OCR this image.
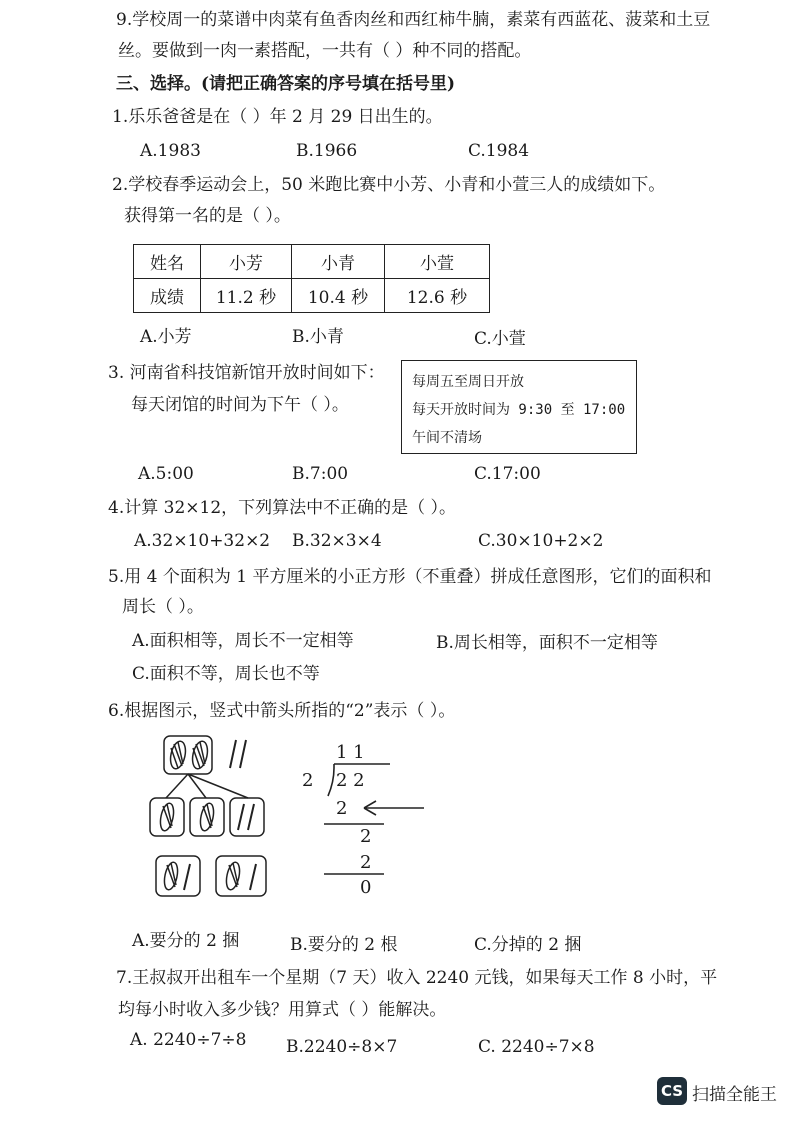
9.学校周一的菜谱中肉菜有鱼香肉丝和西红柿牛腩，素菜有西蓝花、菠菜和土豆
丝。要做到一肉一素搭配，一共有（ ）种不同的搭配。
三、选择。(请把正确答案的序号填在括号里)
1.乐乐爸爸是在（ ）年 2 月 29 日出生的。
A.1983	B.1966	C.1984
2.学校春季运动会上，50 米跑比赛中小芳、小青和小萱三人的成绩如下。
获得第一名的是（ ）。
姓名	小芳	小青	小萱
成绩	11.2 秒	10.4 秒	12.6 秒
A.小芳	B.小青	C.小萱
3. 河南省科技馆新馆开放时间如下：
每天闭馆的时间为下午（ ）。
每周五至周日开放
每天开放时间为 9:30 至 17:00
午间不清场
A.5:00	B.7:00	C.17:00
4.计算 32×12，下列算法中不正确的是（ ）。
A.32×10+32×2 B.32×3×4	C.30×10+2×2
5.用 4 个面积为 1 平方厘米的小正方形（不重叠）拼成任意图形，它们的面积和
周长（ ）。
A.面积相等，周长不一定相等	B.周长相等，面积不一定相等
C.面积不等，周长也不等
6.根据图示，竖式中箭头所指的“2”表示（ ）。
1 1
2 2 2
2
2
2
0
A.要分的 2 捆	B.要分的 2 根	C.分掉的 2 捆
7.王叔叔开出租车一个星期（7 天）收入 2240 元钱，如果每天工作 8 小时，平
均每小时收入多少钱？用算式（ ）能解决。
A. 2240÷7÷8 B.2240÷8×7	C. 2240÷7×8
CS 扫描全能王
